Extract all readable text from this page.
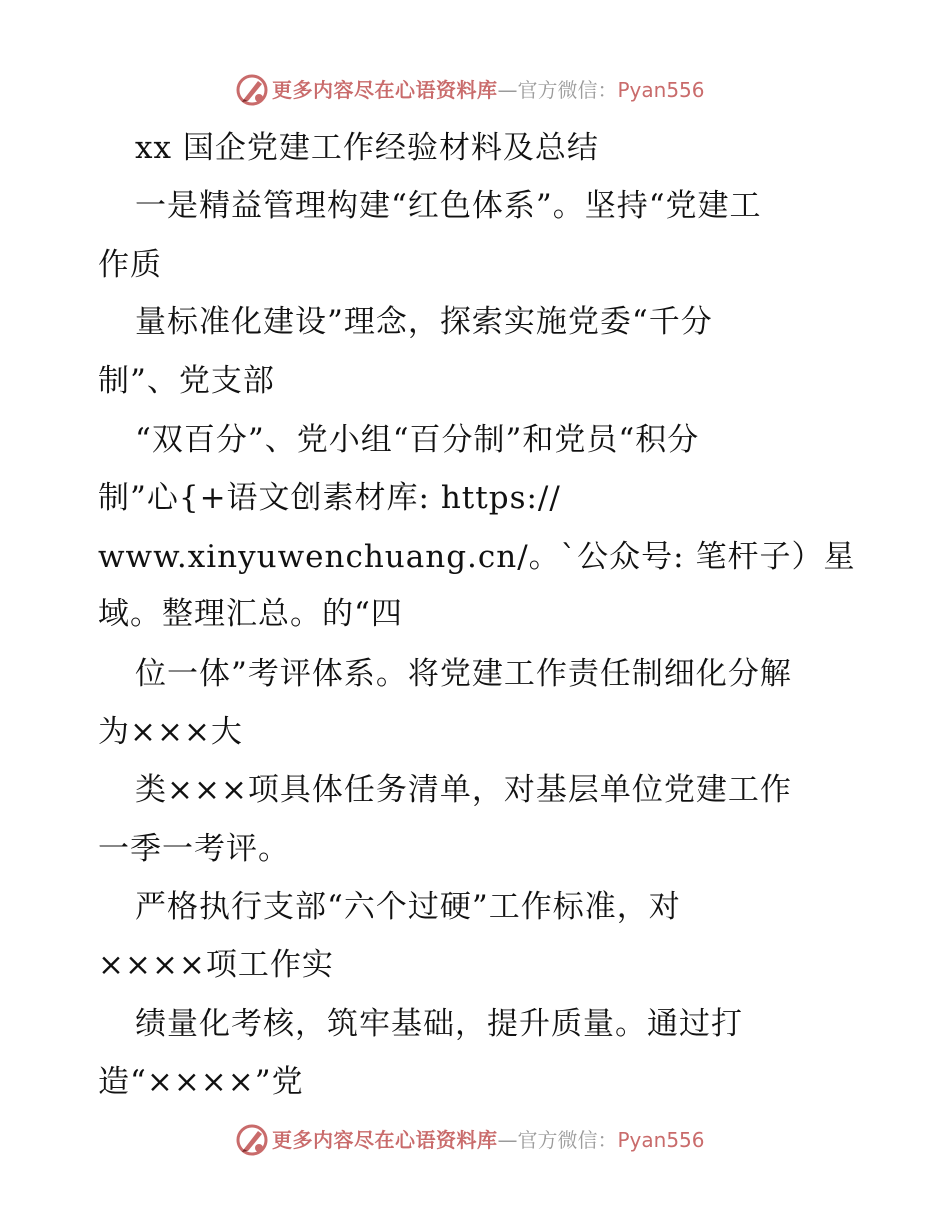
更多内容尽在心语资料库—官方微信：Pyan556
xx 国企党建工作经验材料及总结
一是精益管理构建“红色体系”。坚持“党建工
作质
量标准化建设”理念，探索实施党委“千分
制”、党支部
“双百分”、党小组“百分制”和党员“积分
制”心{+语文创素材库: https://
www.xinyuwenchuang.cn/。`公众号: 笔杆子）星
域。整理汇总。的“四
位一体”考评体系。将党建工作责任制细化分解
为×××大
类×××项具体任务清单，对基层单位党建工作
一季一考评。
严格执行支部“六个过硬”工作标准，对
××××项工作实
绩量化考核，筑牢基础，提升质量。通过打
造“××××”党
更多内容尽在心语资料库—官方微信：Pyan556
